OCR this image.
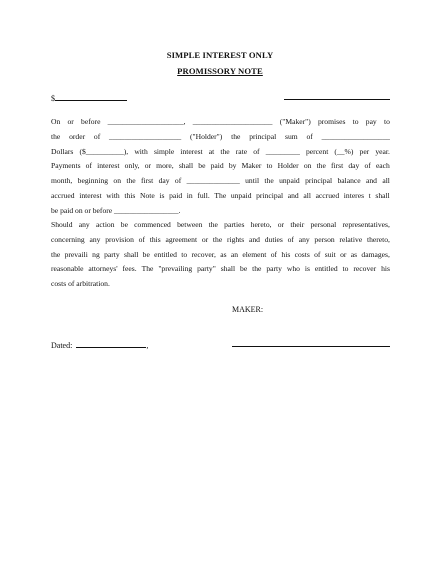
SIMPLE INTEREST ONLY
PROMISSORY NOTE
$
On or before ____________________, _____________________ ("Maker") promises to pay to
the order of ___________________ ("Holder") the principal sum of __________________
Dollars ($__________), with simple interest at the rate of _________ percent (__%) per year.
Payments of interest only, or more, shall be paid by Maker to Holder on the first day of each
month, beginning on the first day of ______________ until the unpaid principal balance and all
accrued interest with this Note is paid in full. The unpaid principal and all accrued interes t shall
be paid on or before _________________.
Should any action be commenced between the parties hereto, or their personal representatives,
concerning any provision of this agreement or the rights and duties of any person relative thereto,
the prevaili ng party shall be entitled to recover, as an element of his costs of suit or as damages,
reasonable attorneys' fees. The "prevailing party" shall be the party who is entitled to recover his
costs of arbitration.
MAKER:
Dated:	,
